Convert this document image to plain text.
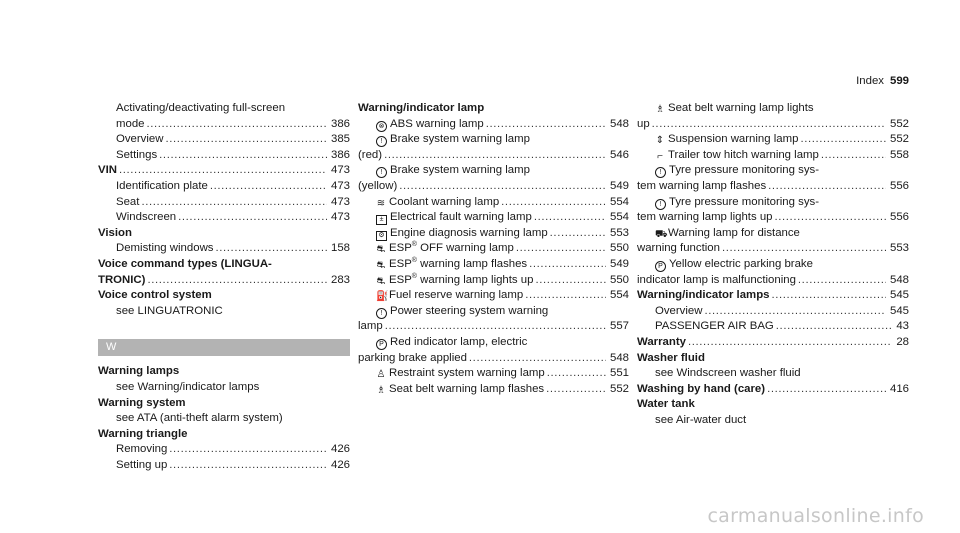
Index 599
Activating/deactivating full-screen
mode .....	386
Overview .....	385
Settings .....	386
VIN .....	473
Identification plate .....	473
Seat .....	473
Windscreen .....	473
Vision
Demisting windows .....	158
Voice command types (LINGUA-
TRONIC) .....	283
Voice control system
see LINGUATRONIC
W
Warning lamps
see Warning/indicator lamps
Warning system
see ATA (anti-theft alarm system)
Warning triangle
Removing .....	426
Setting up .....	426
Warning/indicator lamp
⊗ ABS warning lamp .....	548
! Brake system warning lamp
(red) .....	546
! Brake system warning lamp
(yellow) .....	549
≋ Coolant warning lamp .....	554
± Electrical fault warning lamp .....	554
⚙ Engine diagnosis warning lamp .....	553
⛐ ESP® OFF warning lamp .....	550
⛐ ESP® warning lamp flashes .....	549
⛐ ESP® warning lamp lights up .....	550
⛽Fuel reserve warning lamp .....	554
! Power steering system warning
lamp .....	557
P Red indicator lamp, electric
parking brake applied .....	548
♙ Restraint system warning lamp .....	551
♗ Seat belt warning lamp flashes .....	552
♗ Seat belt warning lamp lights
up .....	552
⇕ Suspension warning lamp .....	552
⌐ Trailer tow hitch warning lamp .....	558
! Tyre pressure monitoring sys-
tem warning lamp flashes .....	556
! Tyre pressure monitoring sys-
tem warning lamp lights up .....	556
⛟Warning lamp for distance
warning function .....	553
P Yellow electric parking brake
indicator lamp is malfunctioning .....	548
Warning/indicator lamps .....	545
Overview .....	545
PASSENGER AIR BAG .....	43
Warranty .....	28
Washer fluid
see Windscreen washer fluid
Washing by hand (care) .....	416
Water tank
see Air-water duct
carmanualsonline.info
